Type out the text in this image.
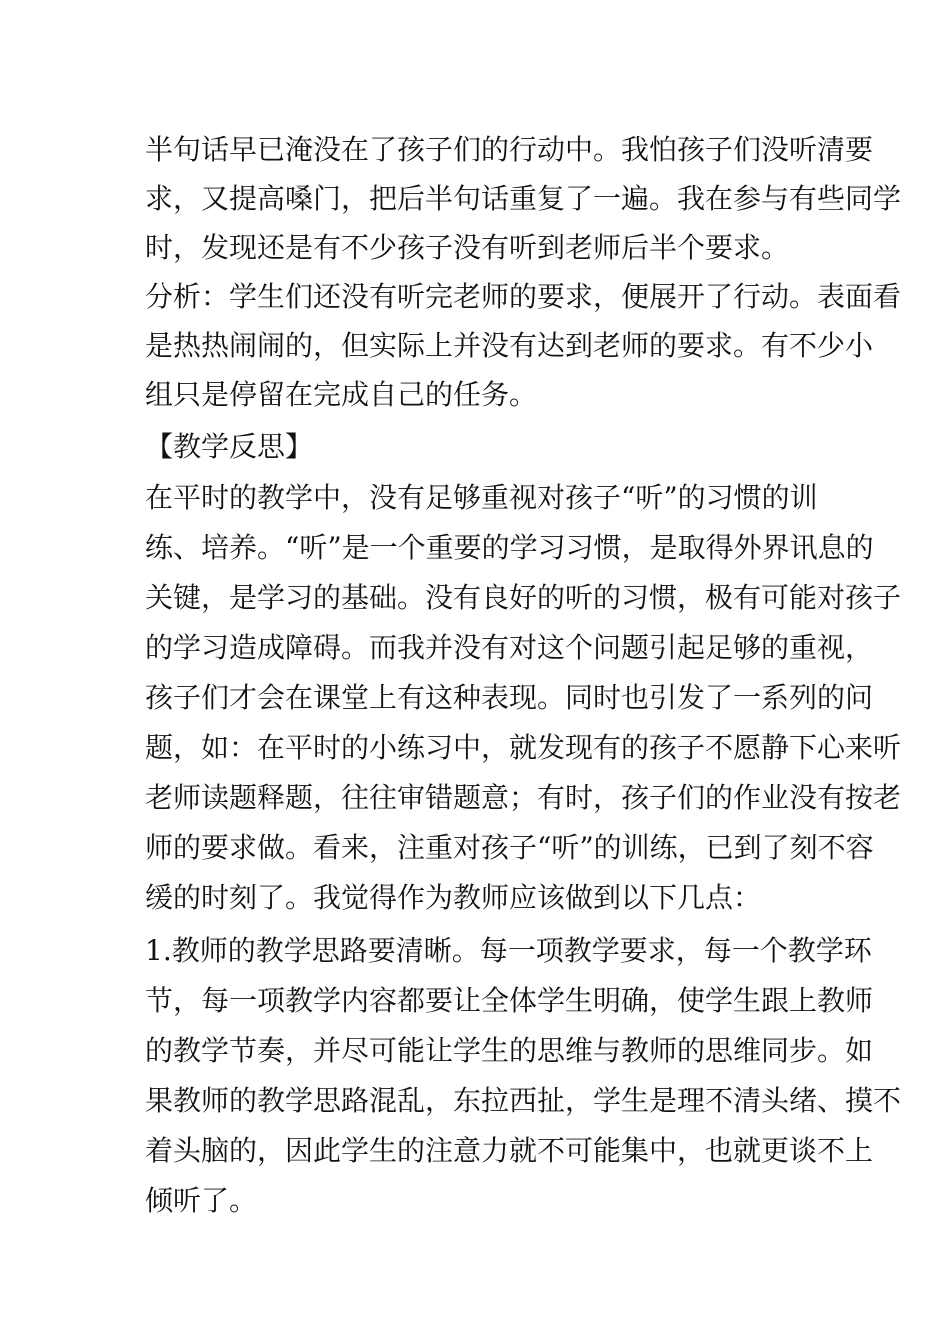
半句话早已淹没在了孩子们的行动中。我怕孩子们没听清要
求，又提高嗓门，把后半句话重复了一遍。我在参与有些同学
时，发现还是有不少孩子没有听到老师后半个要求。
分析：学生们还没有听完老师的要求，便展开了行动。表面看
是热热闹闹的，但实际上并没有达到老师的要求。有不少小
组只是停留在完成自己的任务。
【教学反思】
在平时的教学中，没有足够重视对孩子“听”的习惯的训
练、培养。“听”是一个重要的学习习惯，是取得外界讯息的
关键，是学习的基础。没有良好的听的习惯，极有可能对孩子
的学习造成障碍。而我并没有对这个问题引起足够的重视，
孩子们才会在课堂上有这种表现。同时也引发了一系列的问
题，如：在平时的小练习中，就发现有的孩子不愿静下心来听
老师读题释题，往往审错题意；有时，孩子们的作业没有按老
师的要求做。看来，注重对孩子“听”的训练，已到了刻不容
缓的时刻了。我觉得作为教师应该做到以下几点：
1.教师的教学思路要清晰。每一项教学要求，每一个教学环
节，每一项教学内容都要让全体学生明确，使学生跟上教师
的教学节奏，并尽可能让学生的思维与教师的思维同步。如
果教师的教学思路混乱，东拉西扯，学生是理不清头绪、摸不
着头脑的，因此学生的注意力就不可能集中，也就更谈不上
倾听了。
